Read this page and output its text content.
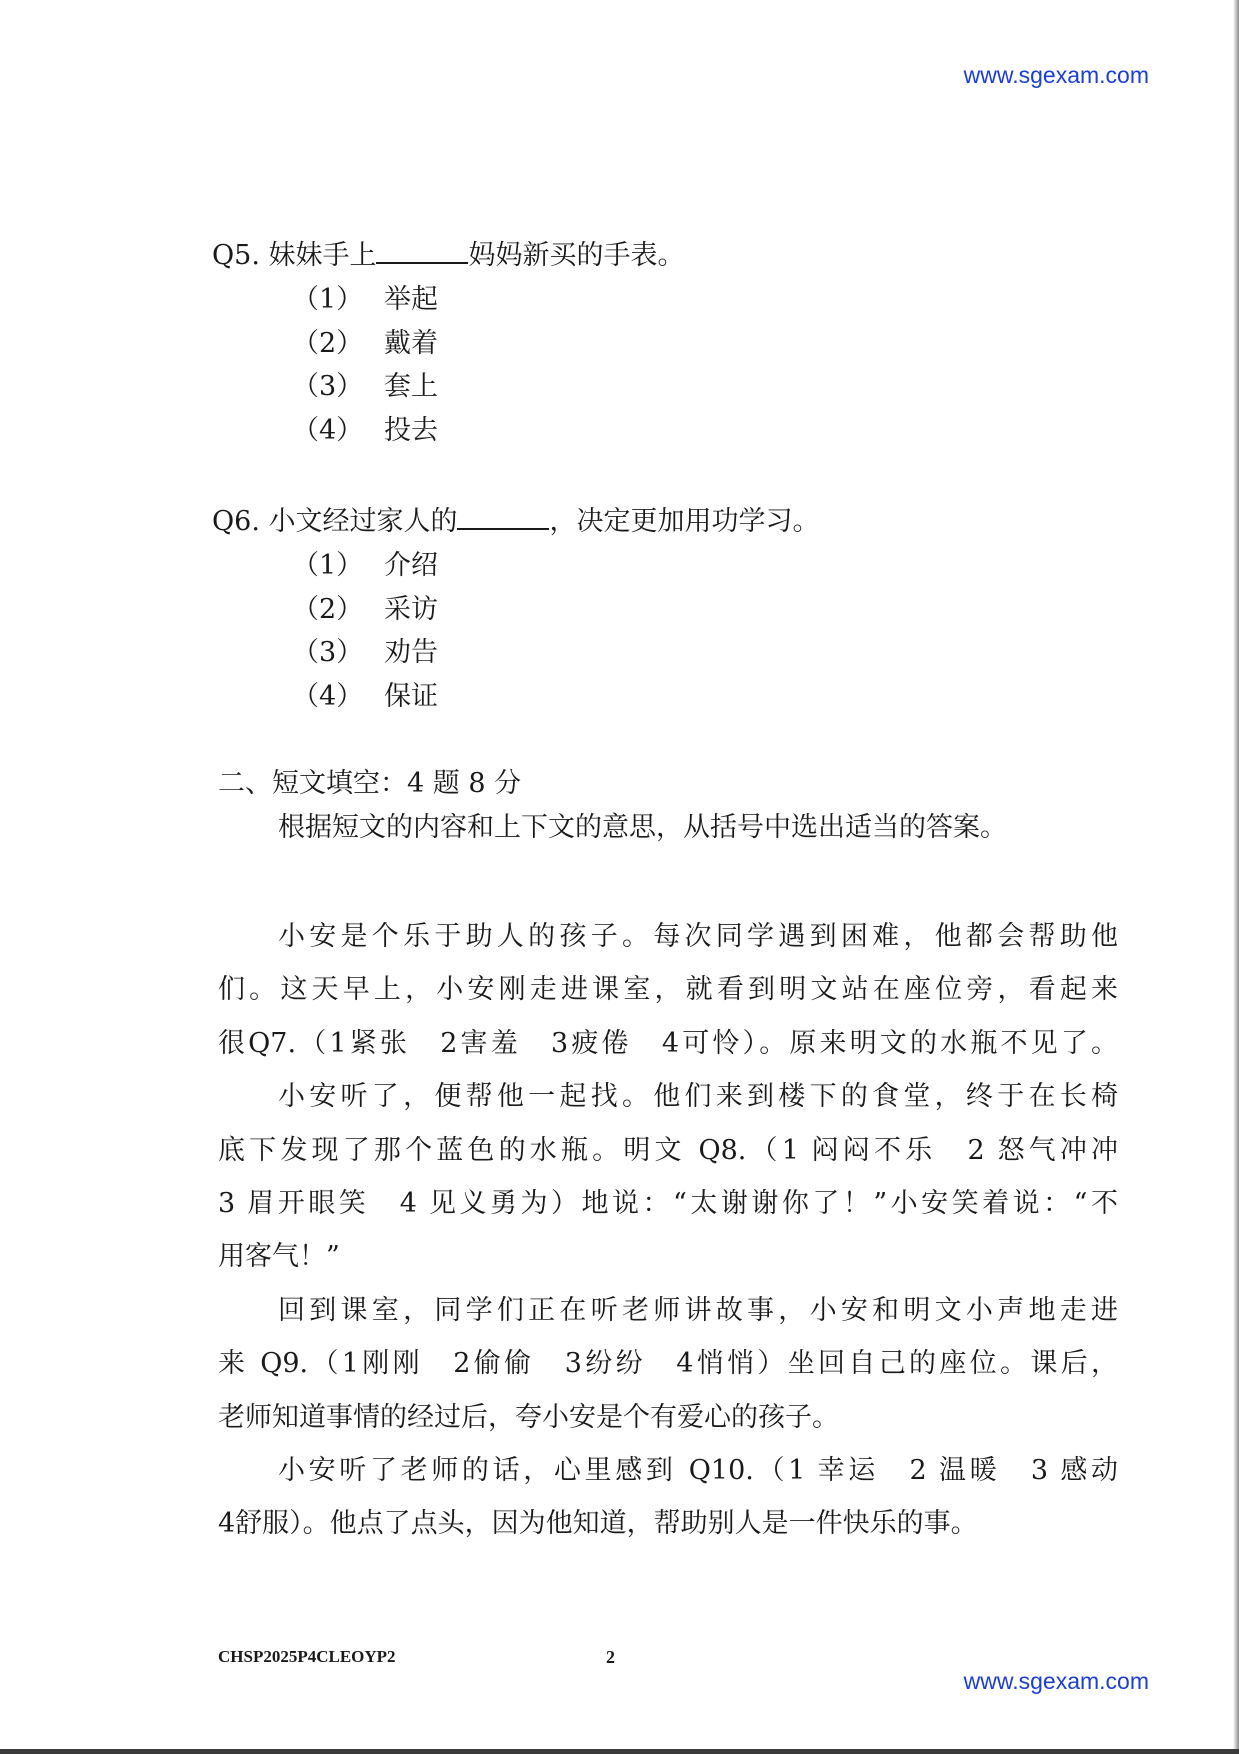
www.sgexam.com
Q5. 妹妹手上	妈妈新买的手表。
（1） 举起
（2） 戴着
（3） 套上
（4） 投去
Q6. 小文经过家人的	，决定更加用功学习。
（1） 介绍
（2） 采访
（3） 劝告
（4） 保证
二、短文填空：4 题 8 分
根据短文的内容和上下文的意思，从括号中选出适当的答案。
小安是个乐于助人的孩子。每次同学遇到困难，他都会帮助他
们。这天早上，小安刚走进课室，就看到明文站在座位旁，看起来
很Q7.（1紧张　2害羞　3疲倦　4可怜）。原来明文的水瓶不见了。
小安听了，便帮他一起找。他们来到楼下的食堂，终于在长椅
底下发现了那个蓝色的水瓶。明文 Q8.（1 闷闷不乐　2 怒气冲冲
3 眉开眼笑　4 见义勇为）地说：“太谢谢你了！”小安笑着说：“不
用客气！”
回到课室，同学们正在听老师讲故事，小安和明文小声地走进
来 Q9.（1刚刚　2偷偷　3纷纷　4悄悄）坐回自己的座位。课后，
老师知道事情的经过后，夸小安是个有爱心的孩子。
小安听了老师的话，心里感到 Q10.（1 幸运　2 温暖　3 感动
4舒服）。他点了点头，因为他知道，帮助别人是一件快乐的事。
CHSP2025P4CLEOYP2	2
www.sgexam.com
